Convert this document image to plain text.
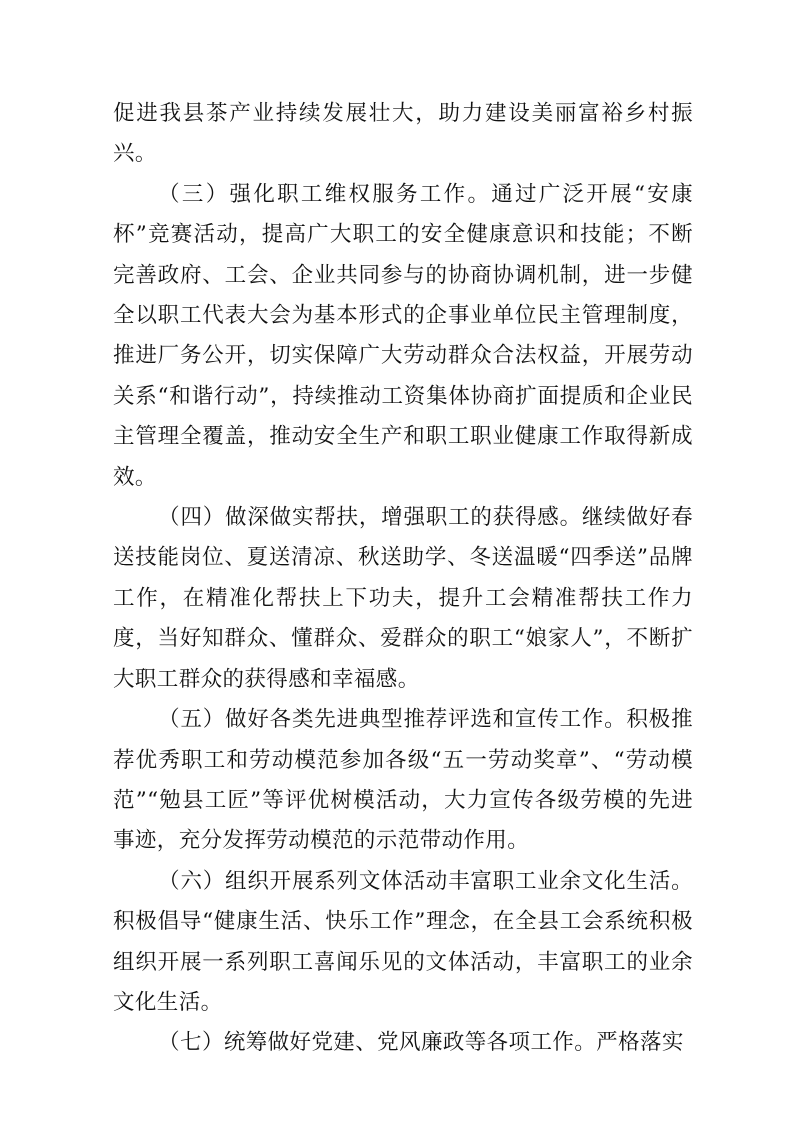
促进我县茶产业持续发展壮大，助力建设美丽富裕乡村振兴。

（三）强化职工维权服务工作。通过广泛开展“安康杯”竞赛活动，提高广大职工的安全健康意识和技能；不断完善政府、工会、企业共同参与的协商协调机制，进一步健全以职工代表大会为基本形式的企事业单位民主管理制度，推进厂务公开，切实保障广大劳动群众合法权益，开展劳动关系“和谐行动”，持续推动工资集体协商扩面提质和企业民主管理全覆盖，推动安全生产和职工职业健康工作取得新成效。

（四）做深做实帮扶，增强职工的获得感。继续做好春送技能岗位、夏送清凉、秋送助学、冬送温暖“四季送”品牌工作，在精准化帮扶上下功夫，提升工会精准帮扶工作力度，当好知群众、懂群众、爱群众的职工“娘家人”，不断扩大职工群众的获得感和幸福感。

（五）做好各类先进典型推荐评选和宣传工作。积极推荐优秀职工和劳动模范参加各级“五一劳动奖章”、“劳动模范”“勉县工匠”等评优树模活动，大力宣传各级劳模的先进事迹，充分发挥劳动模范的示范带动作用。

（六）组织开展系列文体活动丰富职工业余文化生活。积极倡导“健康生活、快乐工作”理念，在全县工会系统积极组织开展一系列职工喜闻乐见的文体活动，丰富职工的业余文化生活。

（七）统筹做好党建、党风廉政等各项工作。严格落实
